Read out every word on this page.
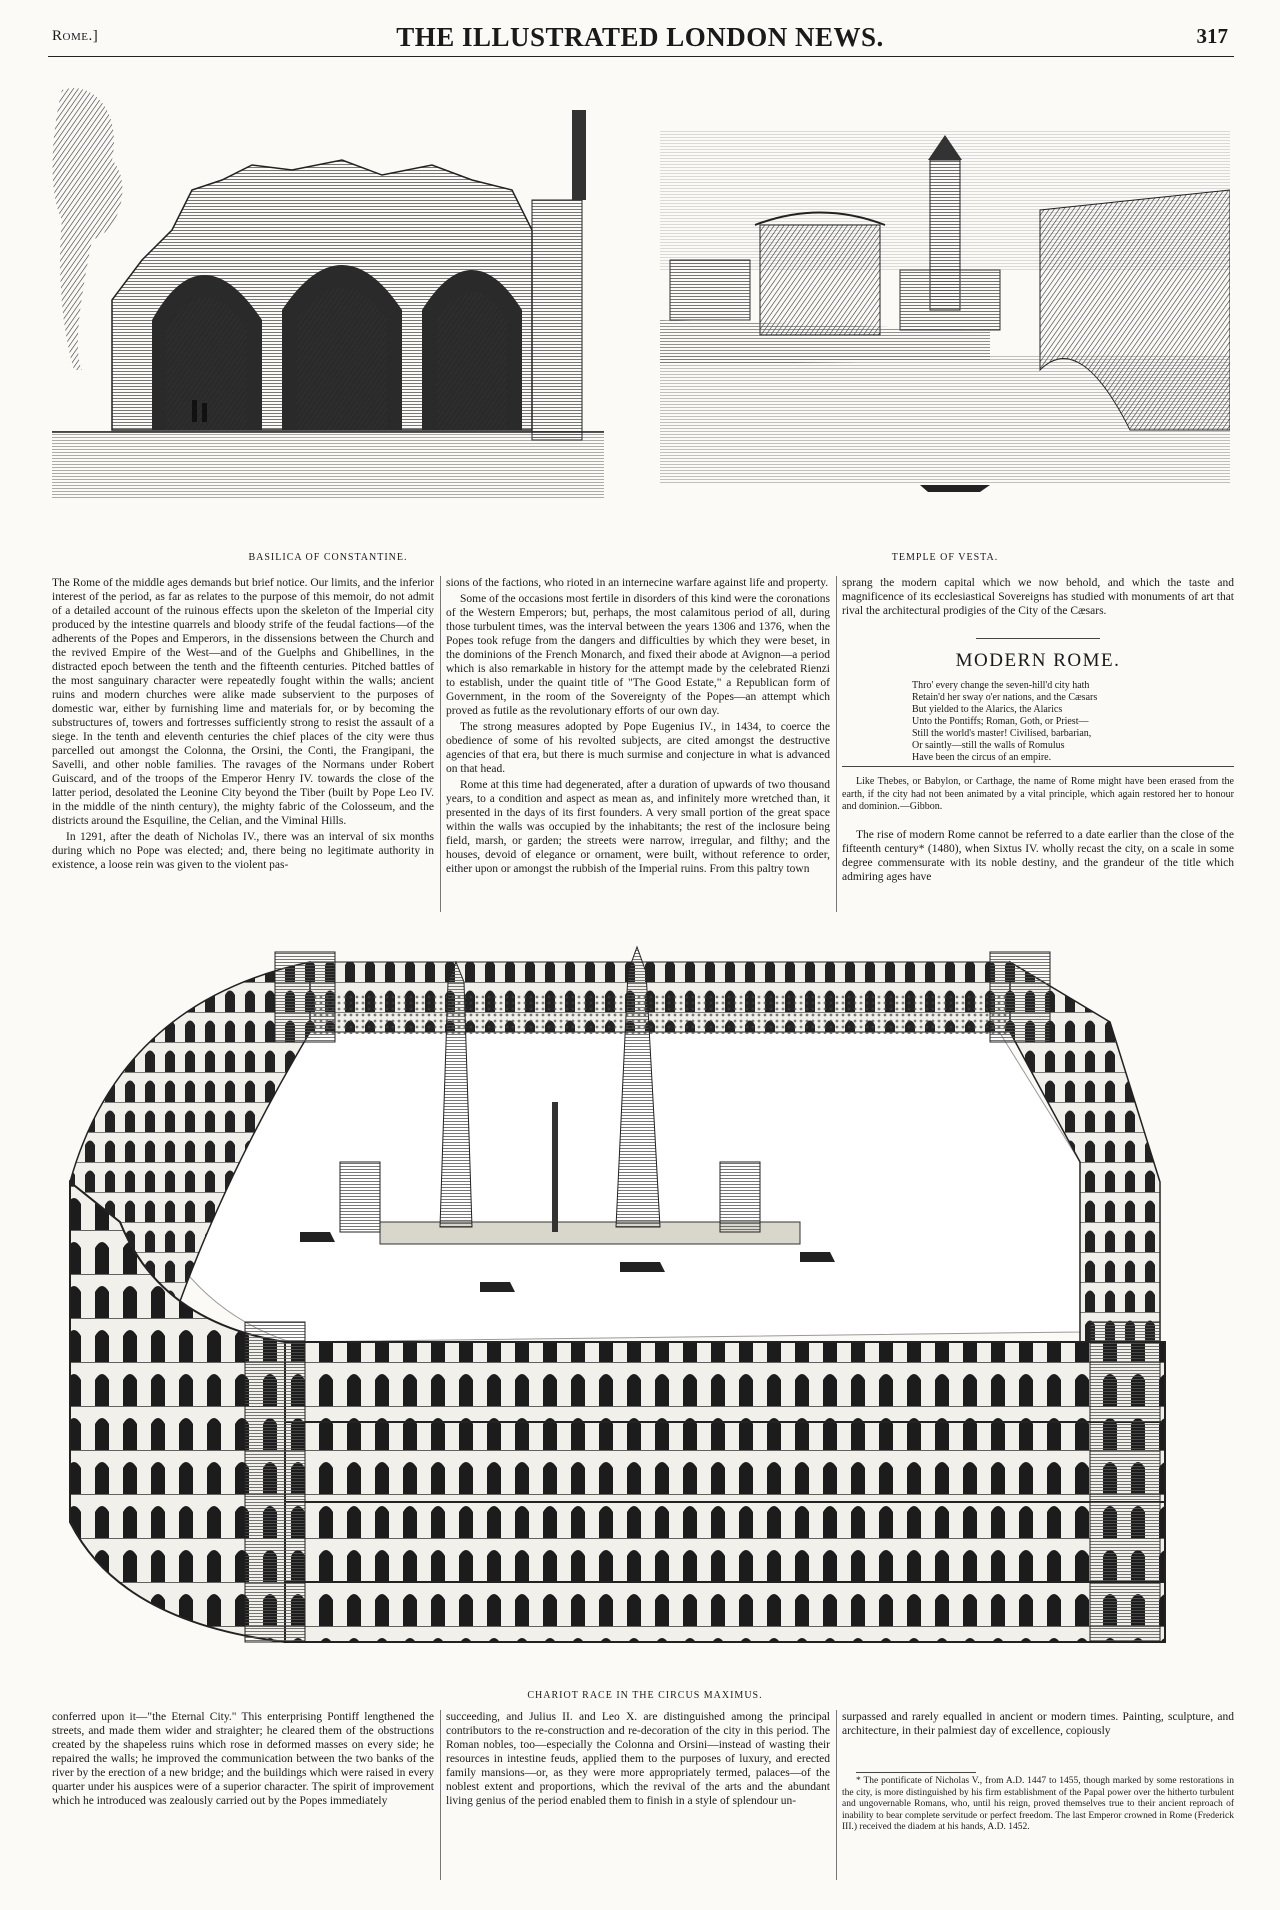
Rome.]	THE ILLUSTRATED LONDON NEWS.	317
BASILICA OF CONSTANTINE.	TEMPLE OF VESTA.

The Rome of the middle ages demands but brief notice. Our limits, and the inferior interest of the period, as far as relates to the purpose of this memoir, do not admit of a detailed account of the ruinous effects upon the skeleton of the Imperial city produced by the intestine quarrels and bloody strife of the feudal factions—of the adherents of the Popes and Emperors, in the dissensions between the Church and the revived Empire of the West—and of the Guelphs and Ghibellines, in the distracted epoch between the tenth and the fifteenth centuries. Pitched battles of the most sanguinary character were repeatedly fought within the walls; ancient ruins and modern churches were alike made subservient to the purposes of domestic war, either by furnishing lime and materials for, or by becoming the substructures of, towers and fortresses sufficiently strong to resist the assault of a siege. In the tenth and eleventh centuries the chief places of the city were thus parcelled out amongst the Colonna, the Orsini, the Conti, the Frangipani, the Savelli, and other noble families. The ravages of the Normans under Robert Guiscard, and of the troops of the Emperor Henry IV. towards the close of the latter period, desolated the Leonine City beyond the Tiber (built by Pope Leo IV. in the middle of the ninth century), the mighty fabric of the Colosseum, and the districts around the Esquiline, the Celian, and the Viminal Hills.

In 1291, after the death of Nicholas IV., there was an interval of six months during which no Pope was elected; and, there being no legitimate authority in existence, a loose rein was given to the violent pas-

sions of the factions, who rioted in an internecine warfare against life and property.

Some of the occasions most fertile in disorders of this kind were the coronations of the Western Emperors; but, perhaps, the most calamitous period of all, during those turbulent times, was the interval between the years 1306 and 1376, when the Popes took refuge from the dangers and difficulties by which they were beset, in the dominions of the French Monarch, and fixed their abode at Avignon—a period which is also remarkable in history for the attempt made by the celebrated Rienzi to establish, under the quaint title of "The Good Estate," a Republican form of Government, in the room of the Sovereignty of the Popes—an attempt which proved as futile as the revolutionary efforts of our own day.

The strong measures adopted by Pope Eugenius IV., in 1434, to coerce the obedience of some of his revolted subjects, are cited amongst the destructive agencies of that era, but there is much surmise and conjecture in what is advanced on that head.

Rome at this time had degenerated, after a duration of upwards of two thousand years, to a condition and aspect as mean as, and infinitely more wretched than, it presented in the days of its first founders. A very small portion of the great space within the walls was occupied by the inhabitants; the rest of the inclosure being field, marsh, or garden; the streets were narrow, irregular, and filthy; and the houses, devoid of elegance or ornament, were built, without reference to order, either upon or amongst the rubbish of the Imperial ruins. From this paltry town

sprang the modern capital which we now behold, and which the taste and magnificence of its ecclesiastical Sovereigns has studied with monuments of art that rival the architectural prodigies of the City of the Cæsars.

MODERN ROME.
Thro' every change the seven-hill'd city hath
Retain'd her sway o'er nations, and the Cæsars
But yielded to the Alarics, the Alarics
Unto the Pontiffs; Roman, Goth, or Priest—
Still the world's master! Civilised, barbarian,
Or saintly—still the walls of Romulus
Have been the circus of an empire.
Like Thebes, or Babylon, or Carthage, the name of Rome might have been erased from the earth, if the city had not been animated by a vital principle, which again restored her to honour and dominion.—Gibbon.

The rise of modern Rome cannot be referred to a date earlier than the close of the fifteenth century* (1480), when Sixtus IV. wholly recast the city, on a scale in some degree commensurate with its noble destiny, and the grandeur of the title which admiring ages have

CHARIOT RACE IN THE CIRCUS MAXIMUS.

conferred upon it—"the Eternal City." This enterprising Pontiff lengthened the streets, and made them wider and straighter; he cleared them of the obstructions created by the shapeless ruins which rose in deformed masses on every side; he repaired the walls; he improved the communication between the two banks of the river by the erection of a new bridge; and the buildings which were raised in every quarter under his auspices were of a superior character. The spirit of improvement which he introduced was zealously carried out by the Popes immediately

succeeding, and Julius II. and Leo X. are distinguished among the principal contributors to the re-construction and re-decoration of the city in this period. The Roman nobles, too—especially the Colonna and Orsini—instead of wasting their resources in intestine feuds, applied them to the purposes of luxury, and erected family mansions—or, as they were more appropriately termed, palaces—of the noblest extent and proportions, which the revival of the arts and the abundant living genius of the period enabled them to finish in a style of splendour un-

surpassed and rarely equalled in ancient or modern times. Painting, sculpture, and architecture, in their palmiest day of excellence, copiously

* The pontificate of Nicholas V., from A.D. 1447 to 1455, though marked by some restorations in the city, is more distinguished by his firm establishment of the Papal power over the hitherto turbulent and ungovernable Romans, who, until his reign, proved themselves true to their ancient reproach of inability to bear complete servitude or perfect freedom. The last Emperor crowned in Rome (Frederick III.) received the diadem at his hands, A.D. 1452.
